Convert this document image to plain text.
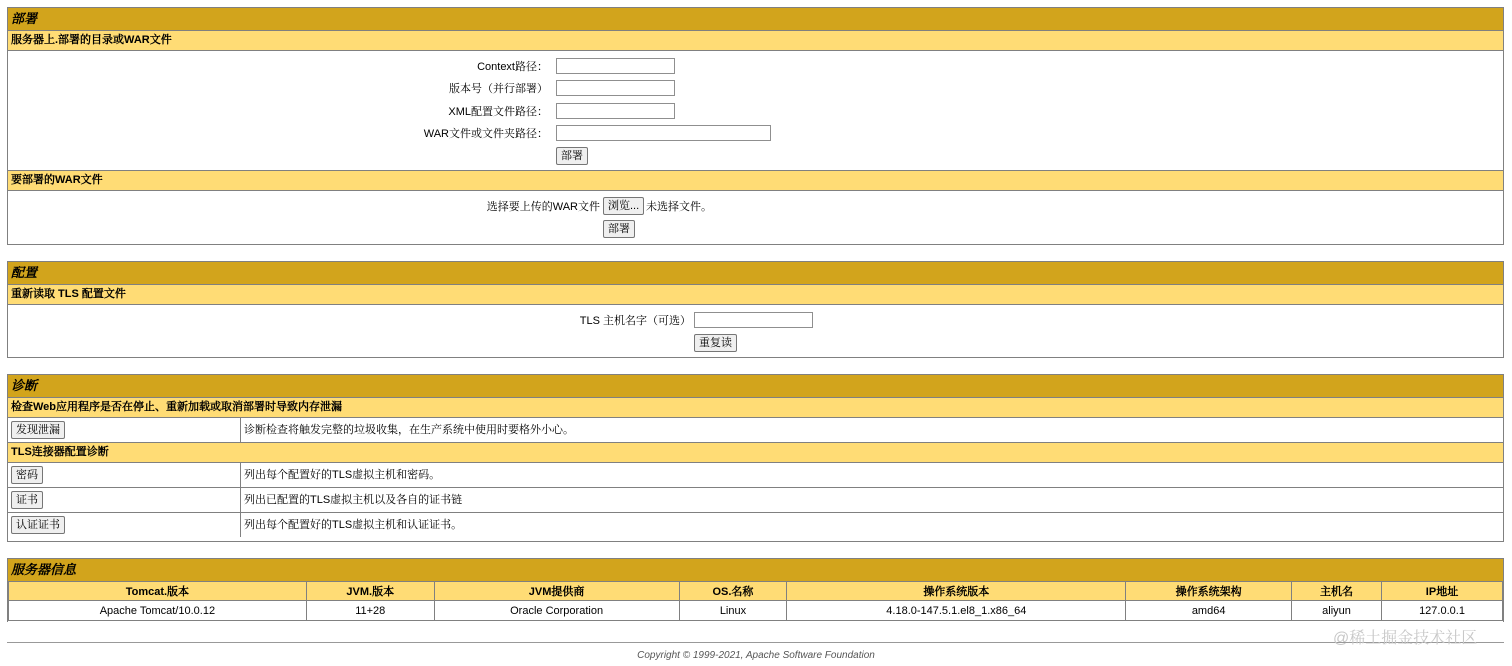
部署
服务器上.部署的目录或WAR文件
Context路径：
版本号（并行部署）
XML配置文件路径：
WAR文件或文件夹路径：
部署
要部署的WAR文件
选择要上传的WAR文件 浏览... 未选择文件。
部署
配置
重新读取 TLS 配置文件
TLS 主机名字（可选）
重复读
诊断
检查Web应用程序是否在停止、重新加载或取消部署时导致内存泄漏
发现泄漏	诊断检查将触发完整的垃圾收集，在生产系统中使用时要格外小心。
TLS连接器配置诊断
密码	列出每个配置好的TLS虚拟主机和密码。
证书	列出已配置的TLS虚拟主机以及各自的证书链
认证证书	列出每个配置好的TLS虚拟主机和认证证书。
服务器信息
Tomcat.版本	JVM.版本	JVM提供商	OS.名称	操作系统版本	操作系统架构	主机名	IP地址
Apache Tomcat/10.0.12	11+28	Oracle Corporation	Linux	4.18.0-147.5.1.el8_1.x86_64	amd64	aliyun	127.0.0.1
@稀土掘金技术社区
Copyright © 1999-2021, Apache Software Foundation
